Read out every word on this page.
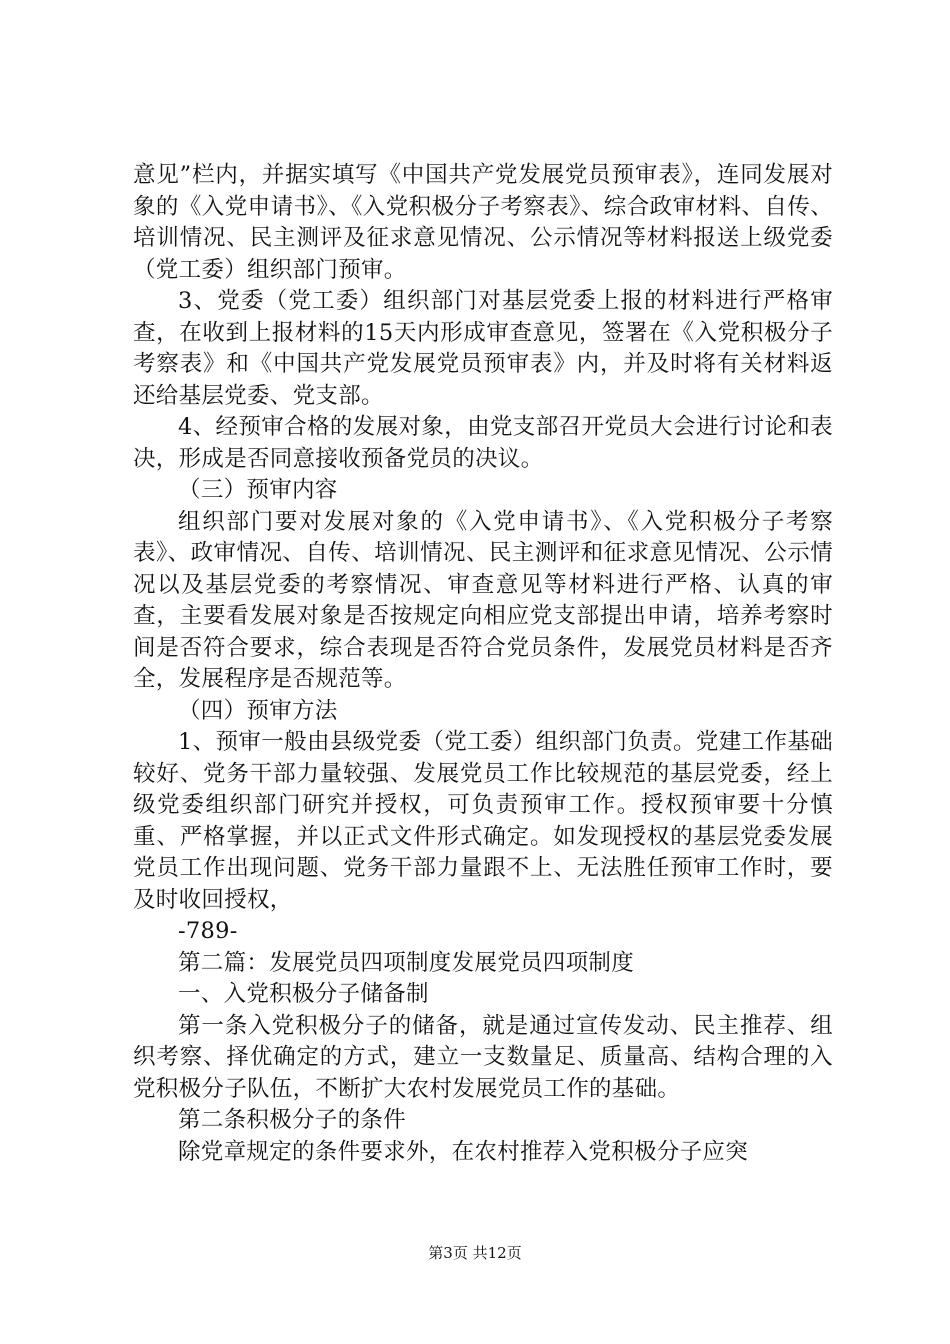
意见”栏内，并据实填写《中国共产党发展党员预审表》，连同发展对象的《入党申请书》、《入党积极分子考察表》、综合政审材料、自传、培训情况、民主测评及征求意见情况、公示情况等材料报送上级党委（党工委）组织部门预审。

3、党委（党工委）组织部门对基层党委上报的材料进行严格审查，在收到上报材料的15天内形成审查意见，签署在《入党积极分子考察表》和《中国共产党发展党员预审表》内，并及时将有关材料返还给基层党委、党支部。

4、经预审合格的发展对象，由党支部召开党员大会进行讨论和表决，形成是否同意接收预备党员的决议。

（三）预审内容

组织部门要对发展对象的《入党申请书》、《入党积极分子考察表》、政审情况、自传、培训情况、民主测评和征求意见情况、公示情况以及基层党委的考察情况、审查意见等材料进行严格、认真的审查，主要看发展对象是否按规定向相应党支部提出申请，培养考察时间是否符合要求，综合表现是否符合党员条件，发展党员材料是否齐全，发展程序是否规范等。

（四）预审方法

1、预审一般由县级党委（党工委）组织部门负责。党建工作基础较好、党务干部力量较强、发展党员工作比较规范的基层党委，经上级党委组织部门研究并授权，可负责预审工作。授权预审要十分慎重、严格掌握，并以正式文件形式确定。如发现授权的基层党委发展党员工作出现问题、党务干部力量跟不上、无法胜任预审工作时，要及时收回授权，

-789-

第二篇：发展党员四项制度发展党员四项制度

一、入党积极分子储备制

第一条入党积极分子的储备，就是通过宣传发动、民主推荐、组织考察、择优确定的方式，建立一支数量足、质量高、结构合理的入党积极分子队伍，不断扩大农村发展党员工作的基础。

第二条积极分子的条件

除党章规定的条件要求外，在农村推荐入党积极分子应突

第3页 共12页
